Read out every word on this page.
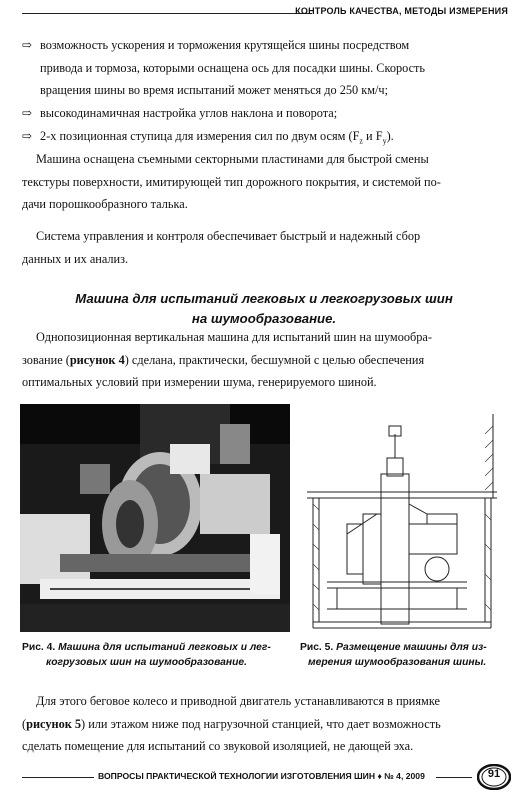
КОНТРОЛЬ КАЧЕСТВА, МЕТОДЫ ИЗМЕРЕНИЯ
⇨ возможность ускорения и торможения крутящейся шины посредством
привода и тормоза, которыми оснащена ось для посадки шины. Скорость
вращения шины во время испытаний может меняться до 250 км/ч;
⇨ высокодинамичная настройка углов наклона и поворота;
⇨ 2-х позиционная ступица для измерения сил по двум осям ($F_z$ и $F_y$).
Машина оснащена съемными секторными пластинами для быстрой смены
текстуры поверхности, имитирующей тип дорожного покрытия, и системой по-
дачи порошкообразного талька.
Система управления и контроля обеспечивает быстрый и надежный сбор
данных и их анализ.
Машина для испытаний легковых и легкогрузовых шин
на шумообразование.
Однопозиционная вертикальная машина для испытаний шин на шумообра-
зование (рисунок 4) сделана, практически, бесшумной с целью обеспечения
оптимальных условий при измерении шума, генерируемого шиной.
Рис. 4. Машина для испытаний легковых и лег-
когрузовых шин на шумообразование.
Рис. 5. Размещение машины для из-
мерения шумообразования шины.
Для этого беговое колесо и приводной двигатель устанавливаются в приямке
(рисунок 5) или этажом ниже под нагрузочной станцией, что дает возможность
сделать помещение для испытаний со звуковой изоляцией, не дающей эха.
ВОПРОСЫ ПРАКТИЧЕСКОЙ ТЕХНОЛОГИИ ИЗГОТОВЛЕНИЯ ШИН ♦ № 4, 2009	91
